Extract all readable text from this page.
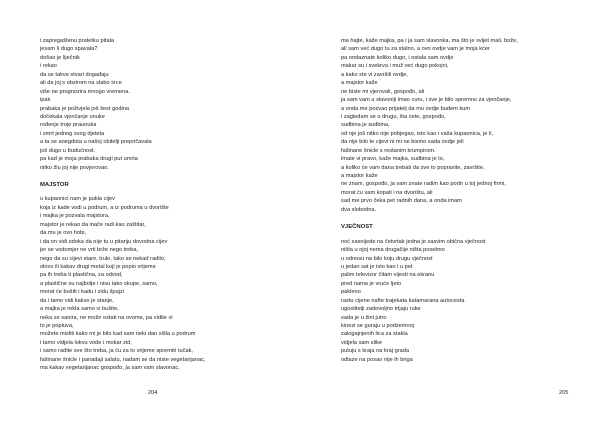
i zapregaštenu pratetku pitala
jesam li dugo spavala?
došao je liječnik
i rekao
da se takve stvari događaju
ali da joj s obzirom na slabo srce
više ne prognozira mnogo vremena.
ipak
prabaka je poživjela još šest godina
dočekala vjenčanje unuke
rođenje troje praunuka
i smrt jednog svog djeteta
a ta se anegdota u našoj obitelji prepričavala
još dugo u budućnost.
pa kad je moja prabaka drugi put umrla
nitko žiu joj nije povjerovao.
MAJSTOR
u kupaonici nam je pukla cijev
koja iz kade vodi u podrum, a iz podruma u dvorište
i majka je pozvala majstora.
majstor je rekao da inače radi kao zaštitar,
da mu je ovo hobi,
i da on vidi odoka da nije tu u pitanju dovodna cijev
jer se vodomjer ne vrti brže nego treba,
nego da su cijevi stare, trule, tako se nekad radilo,
olovo ili kakav drugi metal koji je popio vrijeme
pa ih treba ti plastična, za odvod,
a plastične su najbolje i nisu tako skupe, samo,
morat će bušiti i kadu i zidu špajzi
da i tamo vidi kakvo je stanje,
a majka je rekla samo vi bušite,
neka se sanira, ne može ostati na ovome, pa vidite vi
to je popluva,
možete misliti kako mi je bilo kad sam neki dan sišla u podrum
i tamo vidjela lokvu vode i mokar zid,
i samo radite sve što treba, ja ću za to vrijeme spremiti ručak,
fašinane šnicle i panadaji salatu, nadam se da niste vegetarijanac,
ma kakav vegetarijanac gospođo, ja sam vam slavonac,
204
ma hajte, kaže majka, pa i ja sam slavonka, ma što je svijet mali, bože,
ali sam već dugo tu za stalno, a ovo ovdje vam je moja kćer
pa ondaznate koliko dugo, i ostala sam ovdje
makar su i svekrva i muž već dugo pokojni,
a kako ste vi završili ovdje,
a majstor kaže
ne biste mi vjerovali, gospođo, ali
ja sam vam u slavoniji imao curu, i sve je bilo spremno za vjenčanje,
a onda me pozvao prijatelj da mu ovdje budem kum
i zagledam se u drugu, šta ćete, gospođo,
sudbina je sudbina,
od nje još nitko nije pobjegao, isto kao i vaša kupaonica, je li,
da nije bilo te cijevi ni mi ne bismo sada ovdje jeli
fašinane šnicle s restanim krumpirom.
imate vi pravo, kaže majka, sudbina je to,
a koliko će vam dana trebati da sve to popravite, završite,
a majstor kaže
ne znam, gospođo, ja vam znate radim kao portir u toj jednoj firmi,
morat ću vam kopati i na dvorištu, ali
sad me prvo čeka pet radnih dana, a onda imam
dva slobodna.
VJEČNOST
noć sasnijede na četvrtak jedna je sasvim obična vječnost
ništa u njoj nema drugačije ništa posebno
u odnosu na bilo koju drugu vječnost
u jedan sat je isto kao i u pet
palim televizor čitam vijesti na ekranu
pred nama je vruće ljeto
pakleno
rastu cijene nafte trajekata katamarana autocesta
ugostitelji zadovoljno trljaju ruke
sada je u žini jutro
kinezi se guraju u podzemnoj
zalogajnjenih lica za stakla
vidjela sam slike
putuju s kraja na kraj grada
odlaze na posao nije ih briga
205
